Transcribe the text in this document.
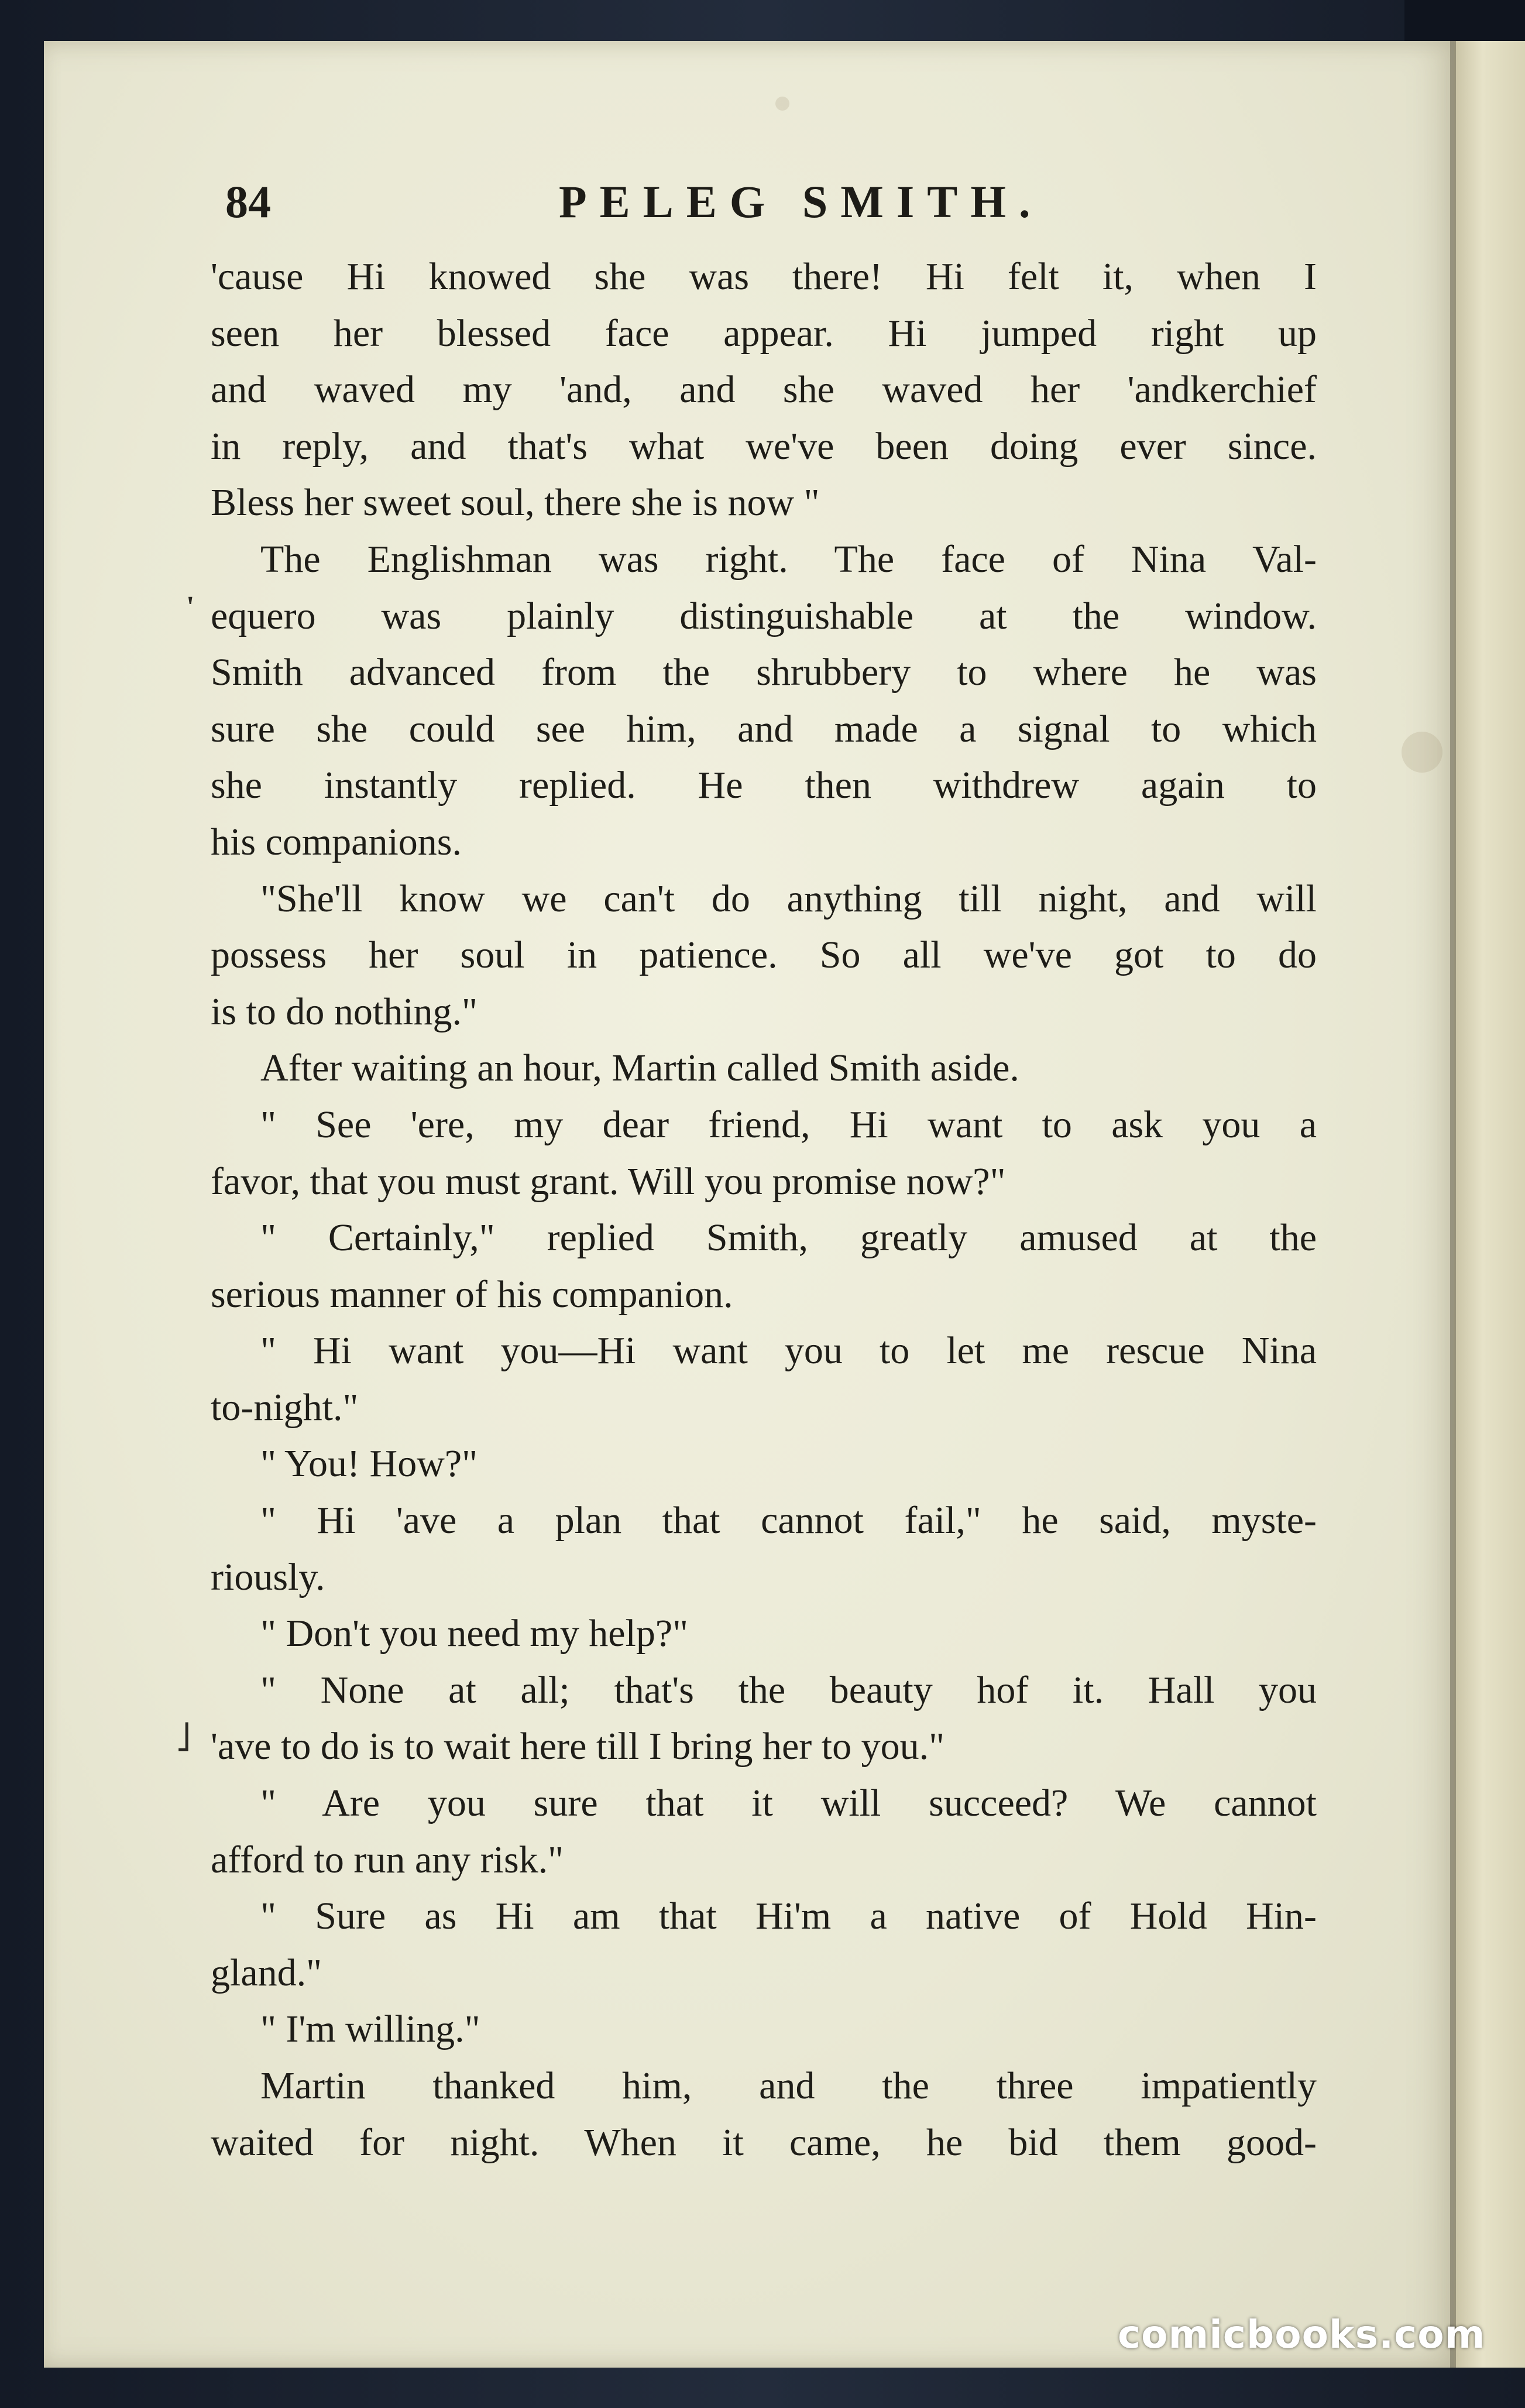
84	PELEG SMITH.
'
˩
'cause Hi knowed she was there! Hi felt it, when I
seen her blessed face appear. Hi jumped right up
and waved my 'and, and she waved her 'andkerchief
in reply, and that's what we've been doing ever since.
Bless her sweet soul, there she is now "
The Englishman was right. The face of Nina Val-
equero was plainly distinguishable at the window.
Smith advanced from the shrubbery to where he was
sure she could see him, and made a signal to which
she instantly replied. He then withdrew again to
his companions.
"She'll know we can't do anything till night, and will
possess her soul in patience. So all we've got to do
is to do nothing."
After waiting an hour, Martin called Smith aside.
" See 'ere, my dear friend, Hi want to ask you a
favor, that you must grant. Will you promise now?"
" Certainly," replied Smith, greatly amused at the
serious manner of his companion.
" Hi want you—Hi want you to let me rescue Nina
to-night."
" You! How?"
" Hi 'ave a plan that cannot fail," he said, myste-
riously.
" Don't you need my help?"
" None at all; that's the beauty hof it. Hall you
'ave to do is to wait here till I bring her to you."
" Are you sure that it will succeed? We cannot
afford to run any risk."
" Sure as Hi am that Hi'm a native of Hold Hin-
gland."
" I'm willing."
Martin thanked him, and the three impatiently
waited for night. When it came, he bid them good-
comicbooks.com
